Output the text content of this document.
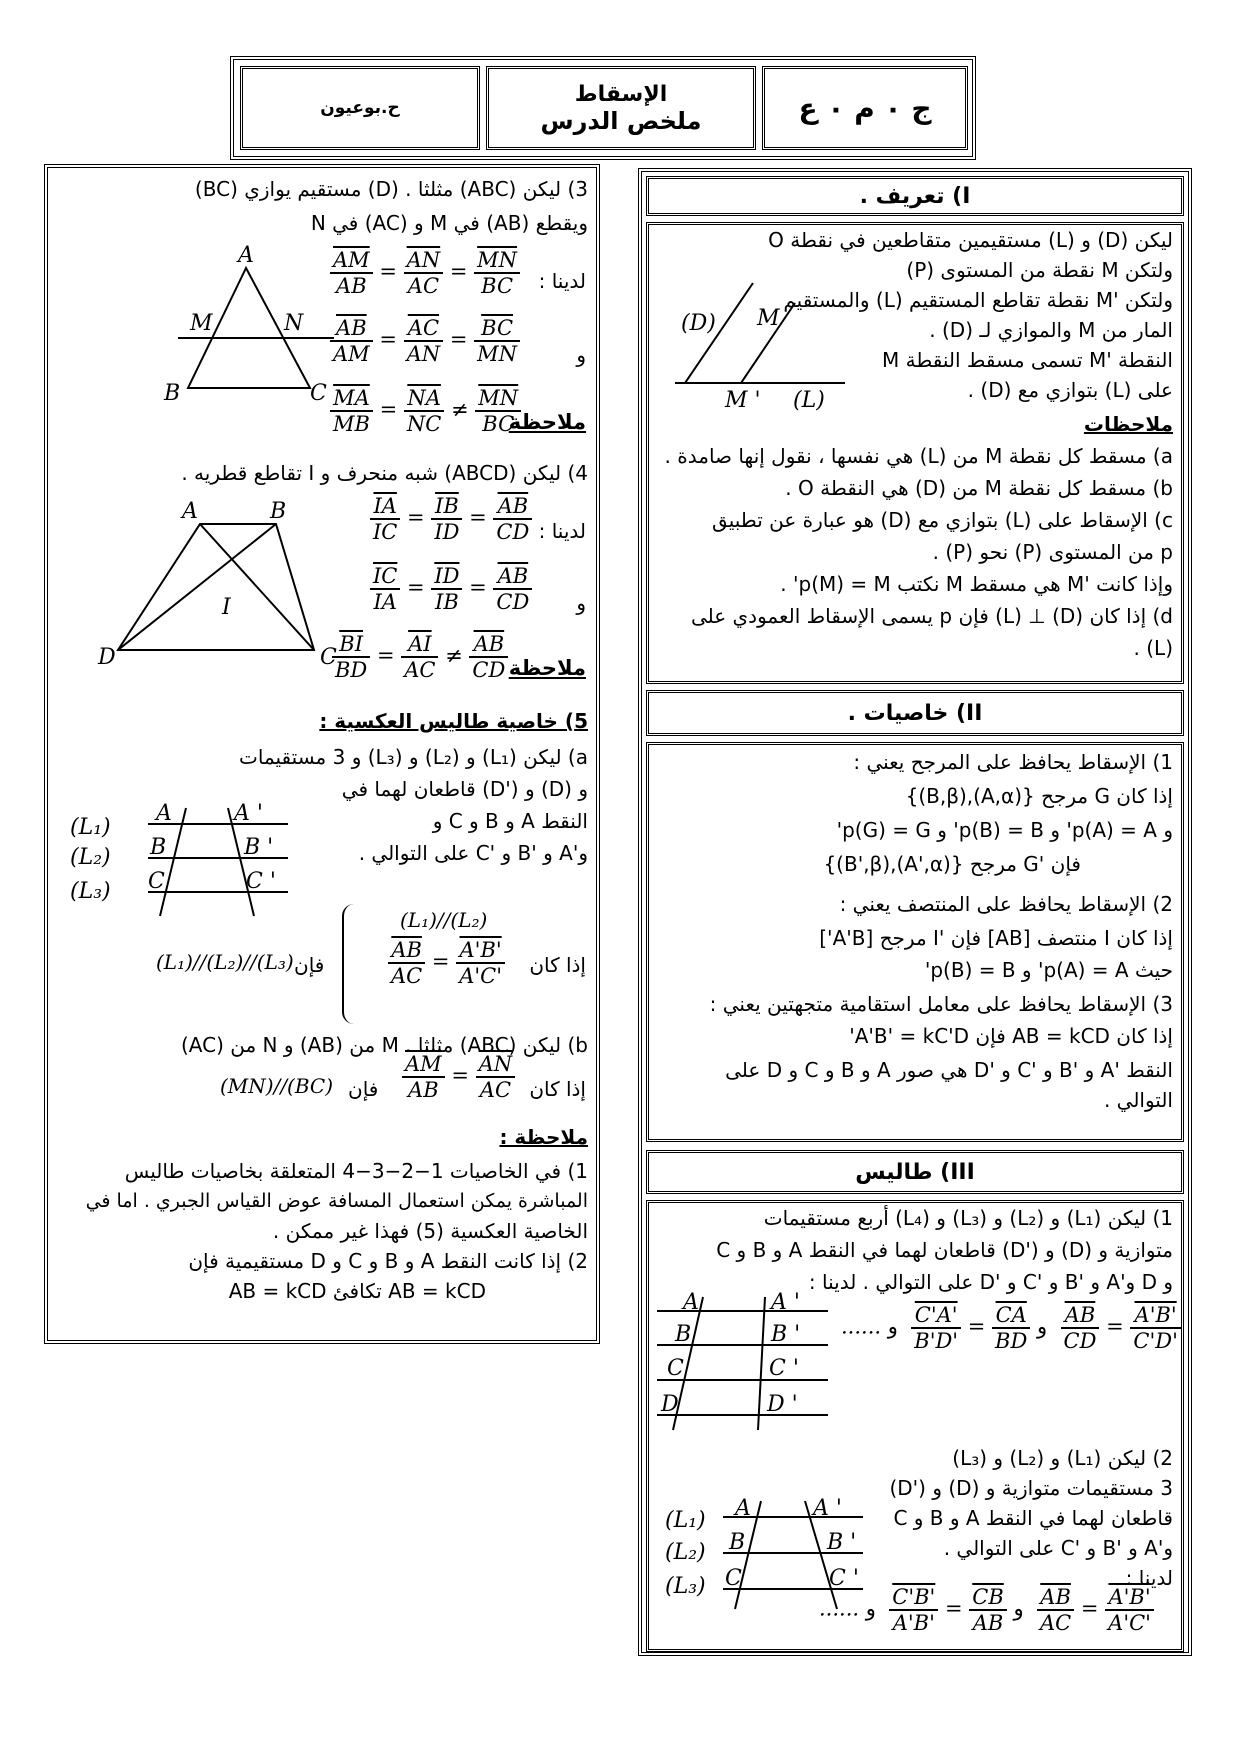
ح.بوعيون
الإسقاط
ملخص الدرس	ج ٠ م ٠ ع
I) تعريف .
(D) M
M ' (L)
ليكن (D) و (L) مستقيمين متقاطعين في نقطة O
ولتكن M نقطة من المستوى (P)
ولتكن 'M نقطة تقاطع المستقيم (L) والمستقيم
المار من M والموازي لـ (D) .
النقطة 'M تسمى مسقط النقطة M
على (L) بتوازي مع (D) .
ملاحظات
a) مسقط كل نقطة M من (L) هي نفسها ، نقول إنها صامدة .
b) مسقط كل نقطة M من (D) هي النقطة O .
c) الإسقاط على (L) بتوازي مع (D) هو عبارة عن تطبيق
p من المستوى (P) نحو (P) .
وإذا كانت 'M هي مسقط M نكتب p(M) = M' .
d) إذا كان (D) ⊥ (L) فإن p يسمى الإسقاط العمودي على
(L) .
II) خاصيات .
1) الإسقاط يحافظ على المرجح يعني :
إذا كان G مرجح {(A,α),(B,β)}
و p(A) = A' و p(B) = B' و p(G) = G'
فإن 'G مرجح {(A',α),(B',β)}
2) الإسقاط يحافظ على المنتصف يعني :
إذا كان I منتصف [AB] فإن 'I مرجح [A'B']
حيث p(A) = A' و p(B) = B'
3) الإسقاط يحافظ على معامل استقامية متجهتين يعني :
إذا كان AB = kCD فإن A'B' = kC'D'
النقط 'A و 'B و 'C و 'D هي صور A و B و C و D على
التوالي .
III) طاليس
1) ليكن (L₁) و (L₂) و (L₃) و (L₄) أربع مستقيمات
متوازية و (D) و ('D) قاطعان لهما في النقط A و B و C
و D و'A و 'B و 'C و 'D على التوالي . لدينا :
A
B
C
D
A '
B '
C '
D '
......	و
$\frac{\overline{CA}}{BD}$
=
$\frac{C'A'}{B'D'}$
و	$\frac{\overline{AB}}{CD} = \frac{A'B'}{C'D'}$
2) ليكن (L₁) و (L₂) و (L₃)
3 مستقيمات متوازية و (D) و ('D)
A
B
C
A '
B '
C '
(L₁)
(L₂)
(L₃)
قاطعان لهما في النقط A و B و C
و'A و 'B و 'C على التوالي .
لدينا :
......	و
$\frac{\overline{CB}}{AB}$
=
$\frac{C'B'}{A'B'}$
و	$\frac{\overline{AB}}{AC} = \frac{A'B'}{A'C'}$
3) ليكن (ABC) مثلثا . (D) مستقيم يوازي (BC)
ويقطع (AB) في M و (AC) في N
A
M	N
B	C
لدينا :
$\frac{\overline{AM}}{AB} = \frac{\overline{AN}}{AC} = \frac{\overline{MN}}{BC}$
و
$\frac{\overline{AB}}{AM} = \frac{\overline{AC}}{AN} = \frac{\overline{BC}}{MN}$
ملاحظة
$\frac{\overline{MA}}{MB} = \frac{\overline{NA}}{NC} \ne \frac{\overline{MN}}{BC}$
4) ليكن (ABCD) شبه منحرف و I تقاطع قطريه .
A	B
I
D	C
لدينا :
$\frac{\overline{IA}}{IC} = \frac{\overline{IB}}{ID} = \frac{\overline{AB}}{CD}$
و
$\frac{\overline{IC}}{IA} = \frac{\overline{ID}}{IB} = \frac{\overline{AB}}{CD}$
ملاحظة
$\frac{\overline{BI}}{BD} = \frac{\overline{AI}}{AC} \ne \frac{\overline{AB}}{CD}$
5) خاصية طاليس العكسية :
a) ليكن (L₁) و (L₂) و (L₃) و 3 مستقيمات
و (D) و ('D) قاطعان لهما في
النقط A و B و C و
و'A و 'B و 'C على التوالي .
A
B
C
A '
B '
C '
(L₁)
(L₂)
(L₃)
إذا كان
(L₁)//(L₂)
$\frac{\overline{AB}}{AC} = \frac{A'B'}{A'C'}$
فإن
(L₁)//(L₂)//(L₃)
b) ليكن (ABC) مثلثا . M من (AB) و N من (AC)
إذا كان
$\frac{\overline{AM}}{AB} = \frac{\overline{AN}}{AC}$
فإن
(MN)//(BC)
ملاحظة :
1) في الخاصيات 1−2−3−4 المتعلقة بخاصيات طاليس
المباشرة يمكن استعمال المسافة عوض القياس الجبري . اما في
الخاصية العكسية (5) فهذا غير ممكن .
2) إذا كانت النقط A و B و C و D مستقيمية فإن
AB = kCD تكافئ AB = kCD
